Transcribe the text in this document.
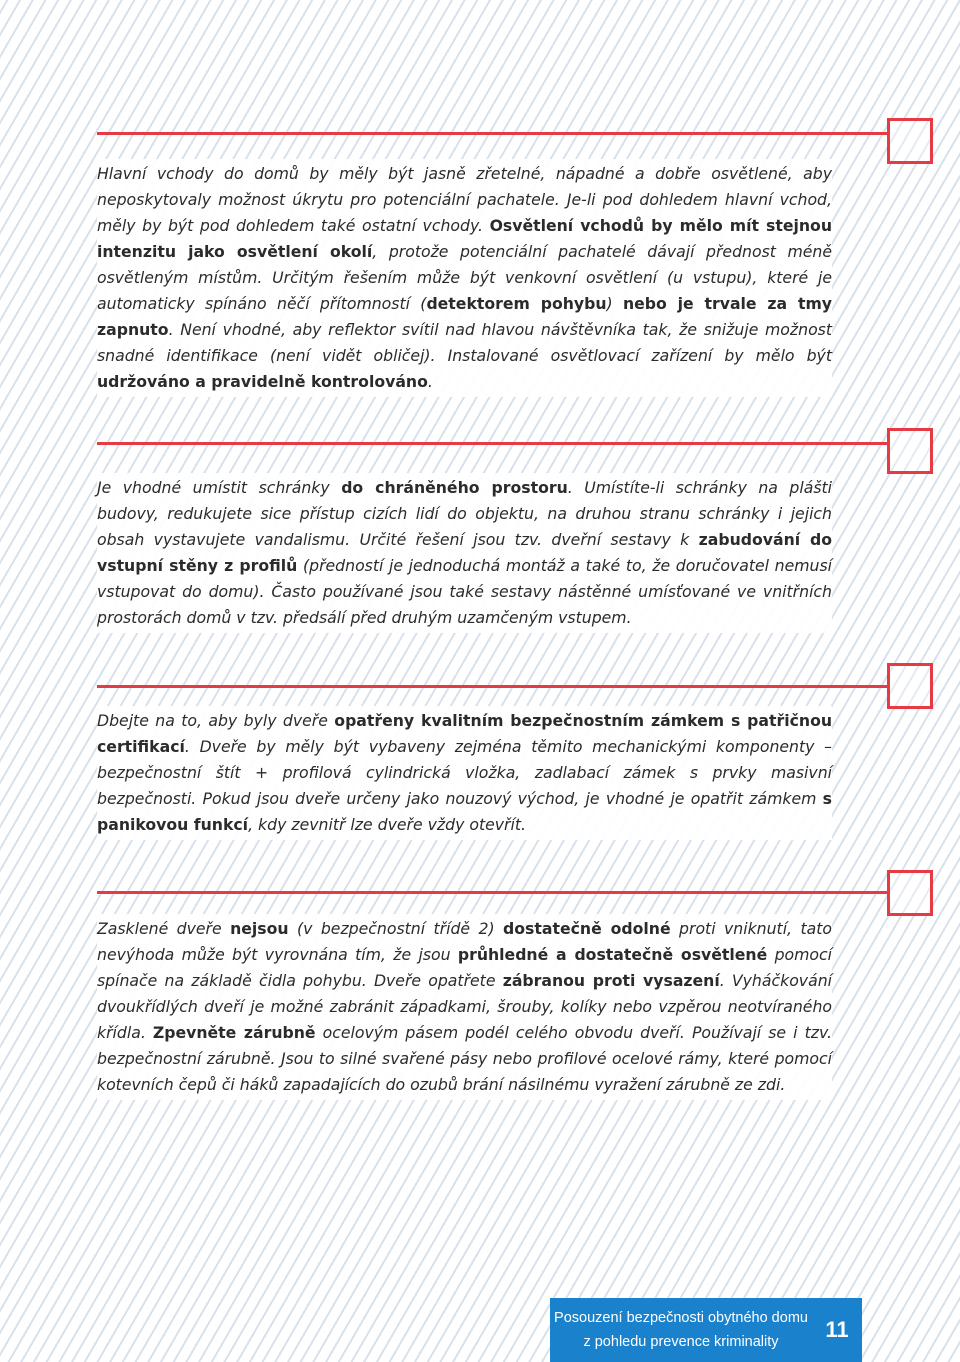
Hlavní vchody do domů by měly být jasně zřetelné, nápadné a dobře osvětlené, aby neposkytovaly možnost úkrytu pro potenciální pachatele. Je-li pod dohledem hlavní vchod, měly by být pod dohledem také ostatní vchody. Osvětlení vchodů by mělo mít stejnou intenzitu jako osvětlení okolí, protože potenciální pachatelé dávají přednost méně osvětleným místům. Určitým řešením může být venkovní osvětlení (u vstupu), které je automaticky spínáno něčí přítomností (detektorem pohybu) nebo je trvale za tmy zapnuto. Není vhodné, aby reflektor svítil nad hlavou návštěvníka tak, že snižuje možnost snadné identifikace (není vidět obličej). Instalované osvětlovací zařízení by mělo být udržováno a pravidelně kontrolováno.
Je vhodné umístit schránky do chráněného prostoru. Umístíte-li schránky na plášti budovy, redukujete sice přístup cizích lidí do objektu, na druhou stranu schránky i jejich obsah vystavujete vandalismu. Určité řešení jsou tzv. dveřní sestavy k zabudování do vstupní stěny z profilů (předností je jednoduchá montáž a také to, že doručovatel nemusí vstupovat do domu). Často používané jsou také sestavy nástěnné umísťované ve vnitřních prostorách domů v tzv. předsálí před druhým uzamčeným vstupem.
Dbejte na to, aby byly dveře opatřeny kvalitním bezpečnostním zámkem s patřičnou certifikací. Dveře by měly být vybaveny zejména těmito mechanickými komponenty – bezpečnostní štít + profilová cylindrická vložka, zadlabací zámek s prvky masivní bezpečnosti. Pokud jsou dveře určeny jako nouzový východ, je vhodné je opatřit zámkem s panikovou funkcí, kdy zevnitř lze dveře vždy otevřít.
Zasklené dveře nejsou (v bezpečnostní třídě 2) dostatečně odolné proti vniknutí, tato nevýhoda může být vyrovnána tím, že jsou průhledné a dostatečně osvětlené pomocí spínače na základě čidla pohybu. Dveře opatřete zábranou proti vysazení. Vyháčkování dvoukřídlých dveří je možné zabránit západkami, šrouby, kolíky nebo vzpěrou neotvíraného křídla. Zpevněte zárubně ocelovým pásem podél celého obvodu dveří. Používají se i tzv. bezpečnostní zárubně. Jsou to silné svařené pásy nebo profilové ocelové rámy, které pomocí kotevních čepů či háků zapadajících do ozubů brání násilnému vyražení zárubně ze zdi.
Posouzení bezpečnosti obytného domu
z pohledu prevence kriminality	11
